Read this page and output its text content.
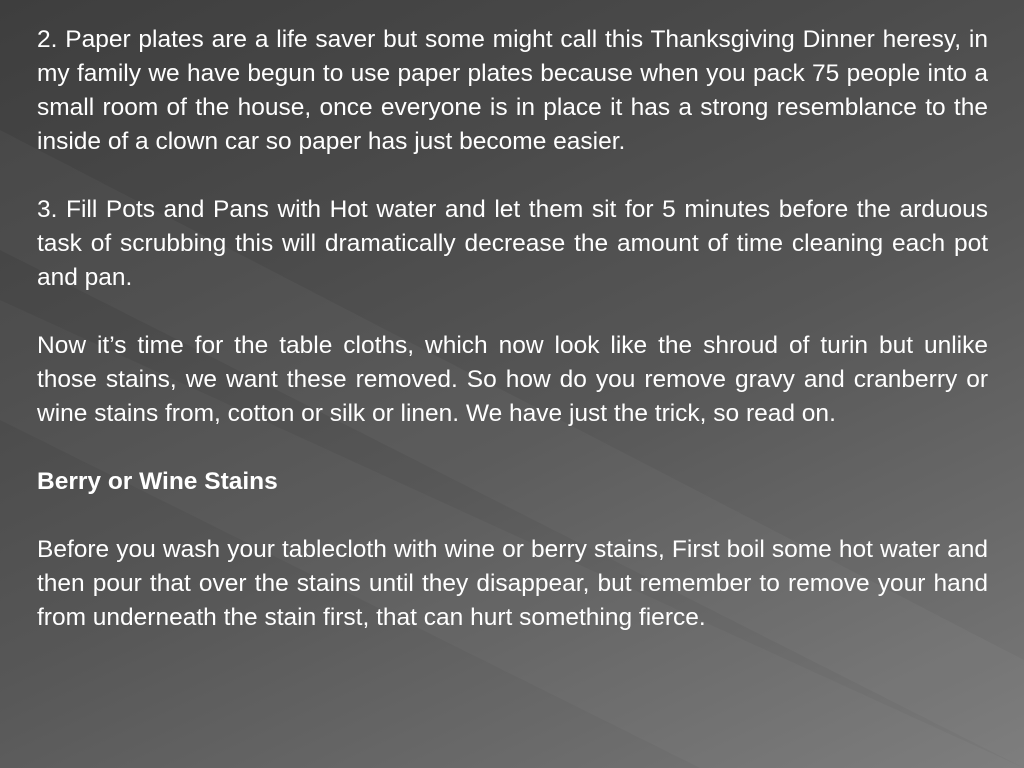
2. Paper plates are a life saver but some might call this Thanksgiving Dinner heresy, in my family we have begun to use paper plates because when you pack 75 people into a small room of the house, once everyone is in place it has a strong resemblance to the inside of a clown car so paper has just become easier.

3. Fill Pots and Pans with Hot water and let them sit for 5 minutes before the arduous task of scrubbing this will dramatically decrease the amount of time cleaning each pot and pan.

Now it’s time for the table cloths, which now look like the shroud of turin but unlike those stains, we want these removed. So how do you remove gravy and cranberry or wine stains from, cotton or silk or linen. We have just the trick, so read on.

Berry or Wine Stains

Before you wash your tablecloth with wine or berry stains, First boil some hot water and then pour that over the stains until they disappear, but remember to remove your hand from underneath the stain first, that can hurt something fierce.
